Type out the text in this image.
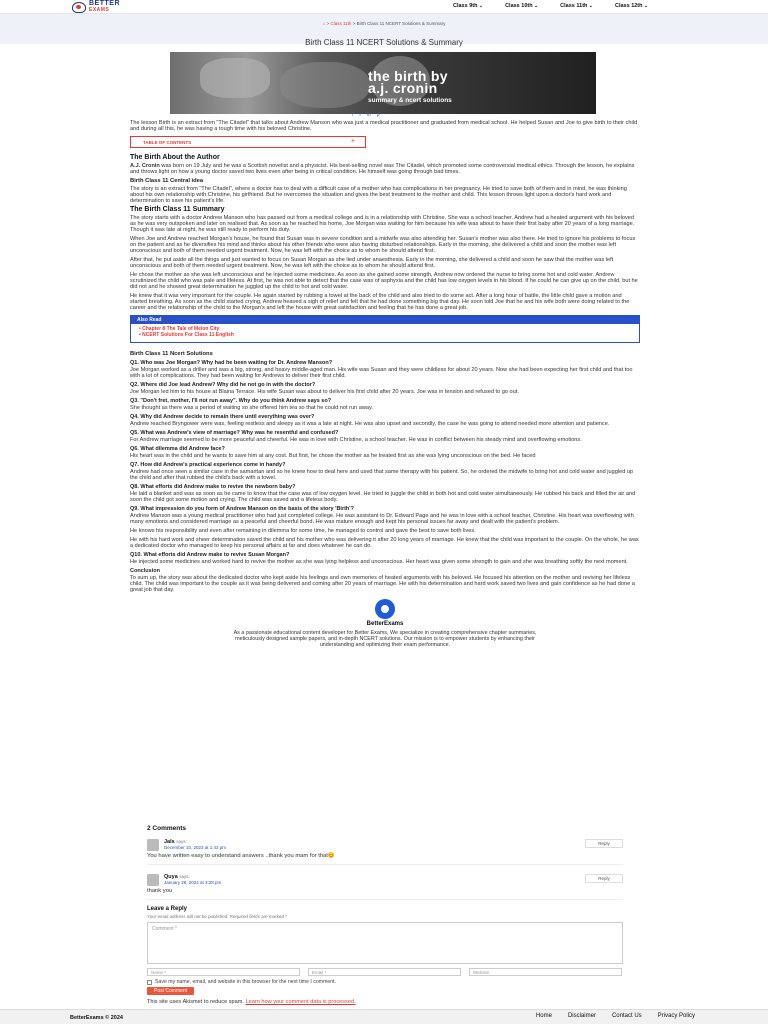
BETTER
EXAMS
Class 9th ⌄	Class 10th ⌄	Class 11th ⌄	Class 12th ⌄
⌂ > Class 11th > Birth Class 11 NCERT Solutions & Summary
Birth Class 11 NCERT Solutions & Summary
the birth by
a.j. cronin
summary & ncert solutions
f t in p
The lesson Birth is an extract from "The Citadel" that talks about Andrew Manson who was just a medical practitioner and graduated from medical school. He helped Susan and Joe to give birth to their child and during all this, he was having a tough time with his beloved Christine.
TABLE OF CONTENTS	+
The Birth About the Author
A.J. Cronin was born on 19 July and he was a Scottish novelist and a physicist. His best-selling novel was The Citadel, which promoted some controversial medical ethics. Through the lesson, he explains and throws light on how a young doctor saved two lives even after being in critical condition. He himself was going through bad times.
Birth Class 11 Central idea
The story is an extract from "The Citadel", where a doctor has to deal with a difficult case of a mother who has complications in her pregnancy. He tried to save both of them and in mind, he was thinking about his own relationship with Christine, his girlfriend. But he overcomes the situation and gives the best treatment to the mother and child. This lesson throws light upon a doctor's hard work and determination to save his patient's life.
The Birth Class 11 Summary
The story starts with a doctor Andrew Manson who has passed out from a medical college and is in a relationship with Christine. She was a school teacher. Andrew had a heated argument with his beloved as he was very outspoken and later on realised that. As soon as he reached his home, Joe Morgan was waiting for him because his wife was about to have their first baby after 20 years of a long marriage. Though it was late at night, he was still ready to perform his duty.
When Joe and Andrew reached Morgan's house, he found that Susan was in severe condition and a midwife was also attending her. Susan's mother was also there. He tried to ignore his problems to focus on the patient and as he diversifies his mind and thinks about his other friends who were also having disturbed relationships. Early in the morning, she delivered a child and soon the mother was left unconscious and both of them needed urgent treatment. Now, he was left with the choice as to whom he should attend first.
After that, he put aside all the things and just wanted to focus on Susan Morgan as she lied under anaesthesia. Early in the morning, she delivered a child and soon he saw that the mother was left unconscious and both of them needed urgent treatment. Now, he was left with the choice as to whom he should attend first.
He chose the mother as she was left unconscious and he injected some medicines. As soon as she gained some strength, Andrew now ordered the nurse to bring some hot and cold water. Andrew scrutinized the child who was pale and lifeless. At first, he was not able to detect that the case was of asphyxia and the child has low oxygen levels in his blood. If he could he can give up on the child, but he did not and he showed great determination he juggled up the child to hot and cold water.
He knew that it was very important for the couple. He again started by rubbing a towel at the back of the child and also tried to do some act. After a long hour of battle, the little child gave a motion and started breathing. As soon as the child started crying, Andrew heaved a sigh of relief and felt that he had done something big that day. He soon told Joe that he and his wife both were doing related to the career and the relationship of the child to the Morgan's and left the house with great satisfaction and feeling that he has done a great job.
Also Read
• Chapter 8 The Tale of Melon City
• NCERT Solutions For Class 11 English
Birth Class 11 Ncert Solutions
Q1. Who was Joe Morgan? Why had he been waiting for Dr. Andrew Manson?
Joe Morgan worked as a driller and was a big, strong, and heavy middle-aged man. His wife was Susan and they were childless for about 20 years. Now she had been expecting her first child and that too with a lot of complications. They had been waiting for Andrews to deliver their first child.
Q2. Where did Joe lead Andrew? Why did he not go in with the doctor?
Joe Morgan led him to his house at Blaina Terrace. His wife Susan was about to deliver his first child after 20 years. Joe was in tension and refused to go out.
Q3. "Don't fret, mother, I'll not run away". Why do you think Andrew says so?
She thought as there was a period of waiting so she offered him tea so that he could not run away.
Q4. Why did Andrew decide to remain there until everything was over?
Andrew reached Bryngower were was, feeling restless and sleepy as it was a late at night. He was also upset and secondly, the case he was going to attend needed more attention and patience.
Q5. What was Andrew's view of marriage? Why was he resentful and confused?
For Andrew marriage seemed to be more peaceful and cheerful. He was in love with Christine, a school teacher. He was in conflict between his steady mind and overflowing emotions.
Q6. What dilemma did Andrew face?
His heart was in the child and he wants to save him at any cost. But first, he chose the mother as he treated first as she was lying unconscious on the bed. He faced
Q7. How did Andrew's practical experience come in handy?
Andrew had once seen a similar case in the samaritan and so he knew how to deal here and used that same therapy with his patient. So, he ordered the midwife to bring hot and cold water and juggled up the child and after that rubbed the child's back with a towel.
Q8. What efforts did Andrew make to revive the newborn baby?
He laid a blanket and was as soon as he came to know that the case was of low oxygen level. He tried to juggle the child in both hot and cold water simultaneously. He rubbed his back and filled the air and soon the child got some motion and crying. The child was saved and a lifeless body.
Q9. What impression do you form of Andrew Manson on the basis of the story 'Birth'?
Andrew Manson was a young medical practitioner who had just completed college. He was assistant to Dr. Edward Page and he was in love with a school teacher, Christine. His heart was overflowing with many emotions and considered marriage as a peaceful and cheerful bond. He was mature enough and kept his personal issues far away and dealt with the patient's problem.
He knows his responsibility and even after remaining in dilemma for some time, he managed to control and gave the best to save both lives.
He with his hard work and sheer determination saved the child and his mother who was delivering it after 20 long years of marriage. He knew that the child was important to the couple. On the whole, he was a dedicated doctor who managed to keep his personal affairs at far and does whatever he can do.
Q10. What efforts did Andrew make to revive Susan Morgan?
He injected some medicines and worked hard to revive the mother as she was lying helpless and unconscious. Her heart was given some strength to gain and she was breathing softly the next moment.
Conclusion
To sum up, the story was about the dedicated doctor who kept aside his feelings and own memories of heated arguments with his beloved. He focused his attention on the mother and reviving her lifeless child. The child was important to the couple as it was being delivered and coming after 20 years of marriage. He with his determination and hard work saved two lives and gain confidence as he had done a great job that day.
BetterExams
As a passionate educational content developer for Better Exams, We specialize in creating comprehensive chapter summaries, meticulously designed sample papers, and in-depth NCERT solutions. Our mission is to empower students by enhancing their understanding and optimizing their exam performance.
2 Comments
Jals says:
December 10, 2023 at 1:43 pm
Reply
You have written easy to understand answers ..thank you mam for that😊
Quya says:
January 28, 2024 at 3:28 pm
Reply
thank you
Leave a Reply
Your email address will not be published. Required fields are marked *
Comment *
Name *	Email *	Website
Save my name, email, and website in this browser for the next time I comment.
Post Comment
This site uses Akismet to reduce spam. Learn how your comment data is processed.
BetterExams © 2024	Home	Disclaimer	Contact Us	Privacy Policy
